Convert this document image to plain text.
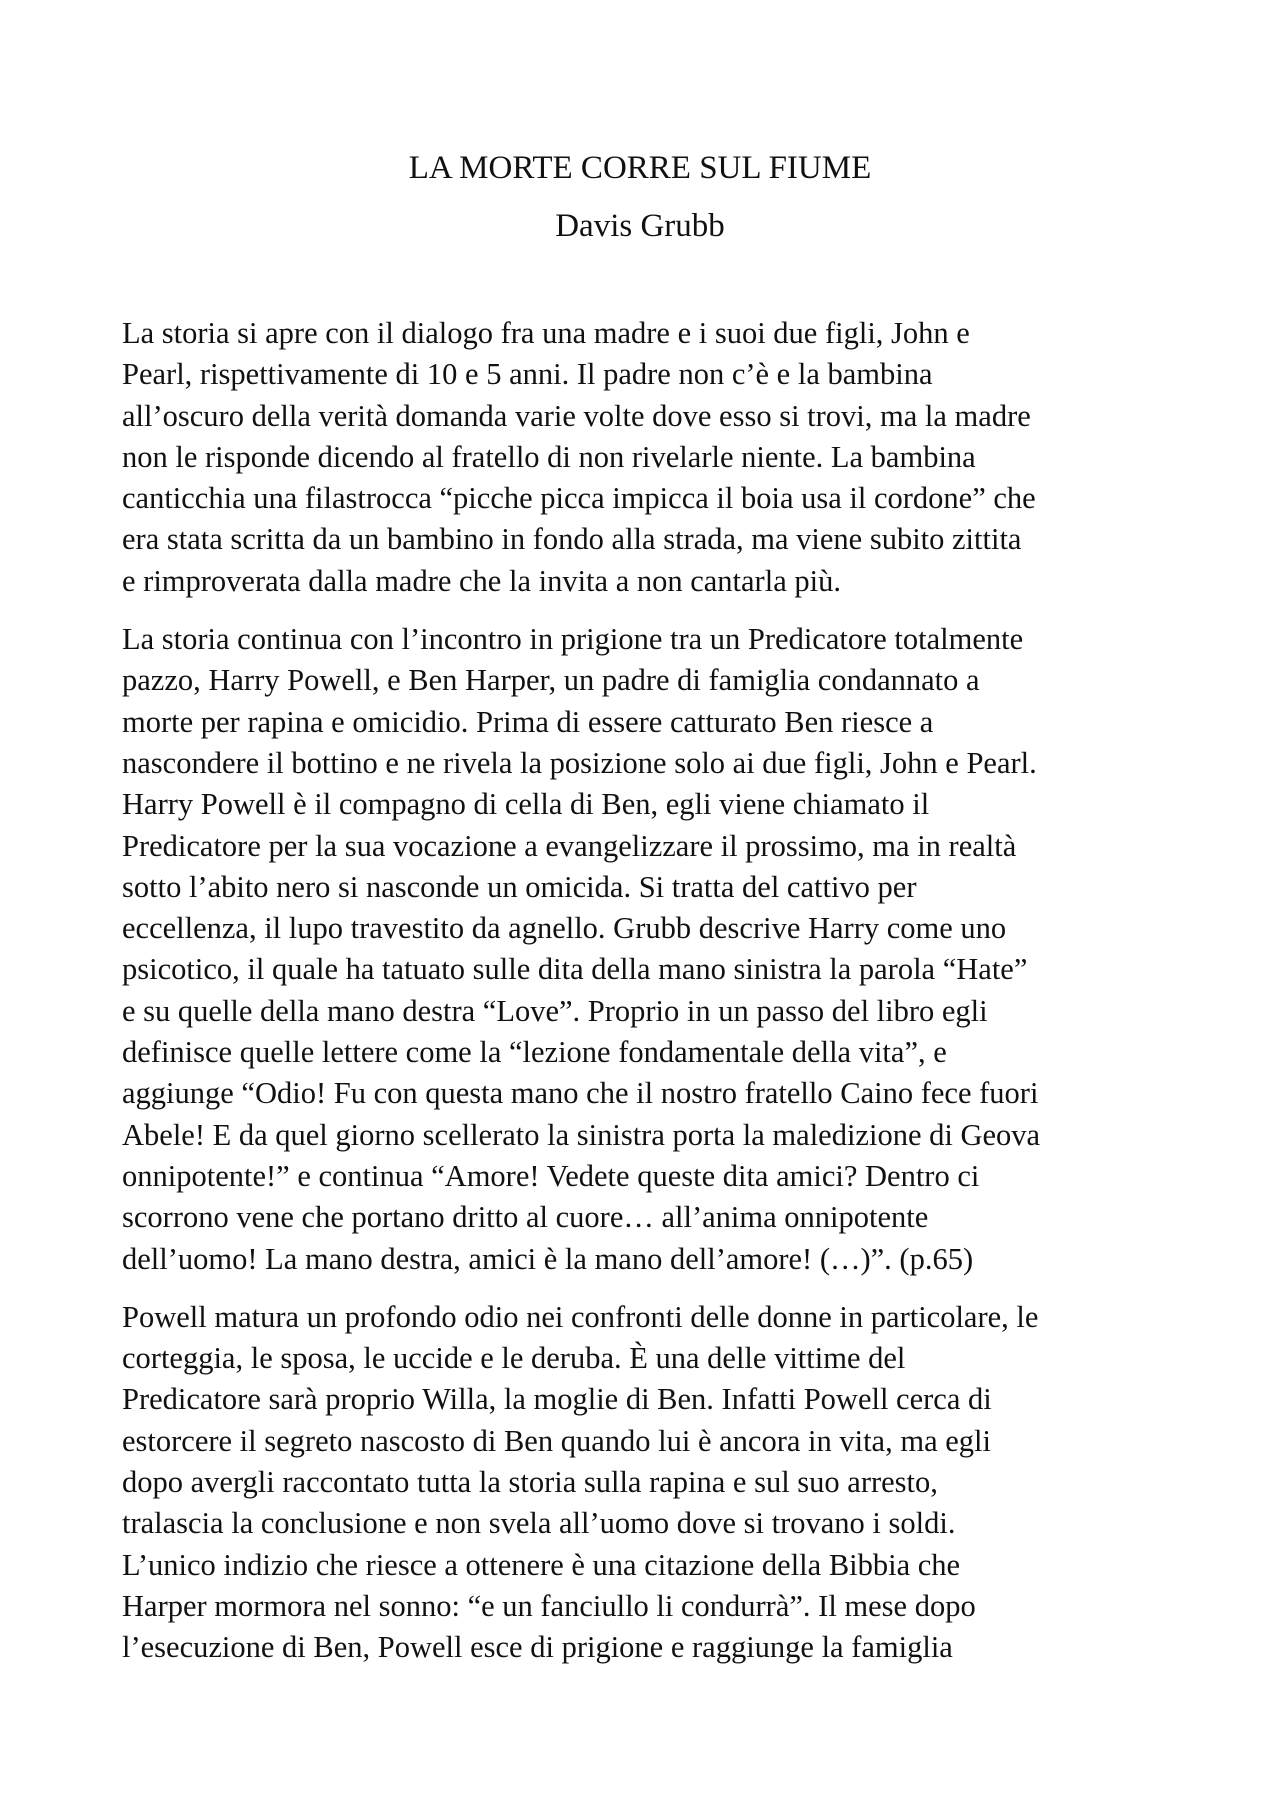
LA MORTE CORRE SUL FIUME
Davis Grubb
La storia si apre con il dialogo fra una madre e i suoi due figli, John e
Pearl, rispettivamente di 10 e 5 anni. Il padre non c’è e la bambina
all’oscuro della verità domanda varie volte dove esso si trovi, ma la madre
non le risponde dicendo al fratello di non rivelarle niente. La bambina
canticchia una filastrocca “picche picca impicca il boia usa il cordone” che
era stata scritta da un bambino in fondo alla strada, ma viene subito zittita
e rimproverata dalla madre che la invita a non cantarla più.
La storia continua con l’incontro in prigione tra un Predicatore totalmente
pazzo, Harry Powell, e Ben Harper, un padre di famiglia condannato a
morte per rapina e omicidio. Prima di essere catturato Ben riesce a
nascondere il bottino e ne rivela la posizione solo ai due figli, John e Pearl.
Harry Powell è il compagno di cella di Ben, egli viene chiamato il
Predicatore per la sua vocazione a evangelizzare il prossimo, ma in realtà
sotto l’abito nero si nasconde un omicida. Si tratta del cattivo per
eccellenza, il lupo travestito da agnello. Grubb descrive Harry come uno
psicotico, il quale ha tatuato sulle dita della mano sinistra la parola “Hate”
e su quelle della mano destra “Love”. Proprio in un passo del libro egli
definisce quelle lettere come la “lezione fondamentale della vita”, e
aggiunge “Odio! Fu con questa mano che il nostro fratello Caino fece fuori
Abele! E da quel giorno scellerato la sinistra porta la maledizione di Geova
onnipotente!” e continua “Amore! Vedete queste dita amici? Dentro ci
scorrono vene che portano dritto al cuore… all’anima onnipotente
dell’uomo! La mano destra, amici è la mano dell’amore! (…)”. (p.65)
Powell matura un profondo odio nei confronti delle donne in particolare, le
corteggia, le sposa, le uccide e le deruba. È una delle vittime del
Predicatore sarà proprio Willa, la moglie di Ben. Infatti Powell cerca di
estorcere il segreto nascosto di Ben quando lui è ancora in vita, ma egli
dopo avergli raccontato tutta la storia sulla rapina e sul suo arresto,
tralascia la conclusione e non svela all’uomo dove si trovano i soldi.
L’unico indizio che riesce a ottenere è una citazione della Bibbia che
Harper mormora nel sonno: “e un fanciullo li condurrà”. Il mese dopo
l’esecuzione di Ben, Powell esce di prigione e raggiunge la famiglia
